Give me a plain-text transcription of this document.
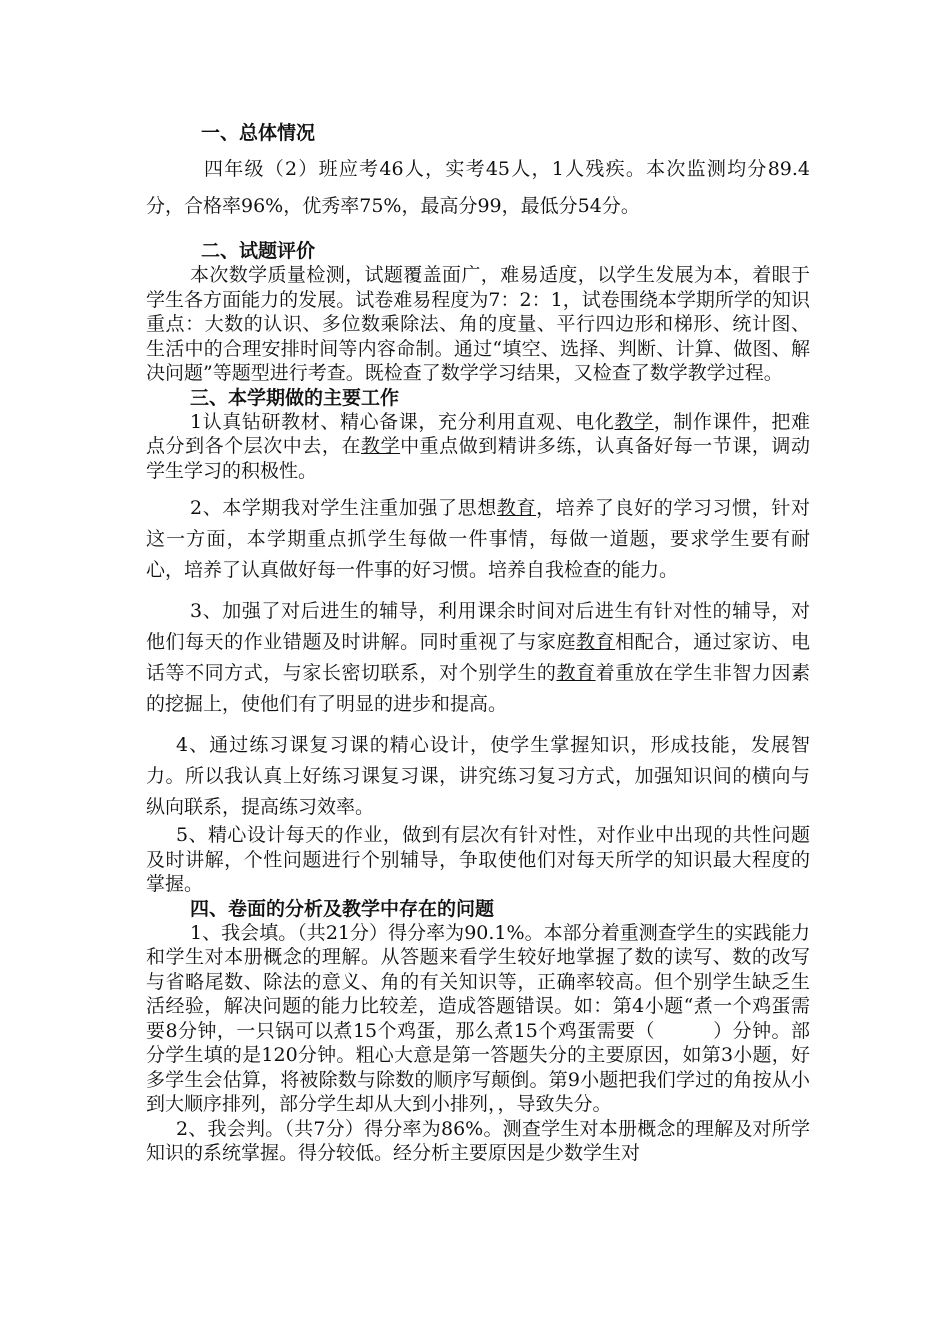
一、总体情况

四年级（2）班应考46人，实考45人，1人残疾。本次监测均分89.4分，合格率96%，优秀率75%，最高分99，最低分54分。

二、试题评价

本次数学质量检测，试题覆盖面广，难易适度，以学生发展为本，着眼于学生各方面能力的发展。试卷难易程度为7：2：1，试卷围绕本学期所学的知识重点：大数的认识、多位数乘除法、角的度量、平行四边形和梯形、统计图、生活中的合理安排时间等内容命制。通过“填空、选择、判断、计算、做图、解决问题”等题型进行考查。既检查了数学学习结果，又检查了数学教学过程。

三、本学期做的主要工作

1认真钻研教材、精心备课，充分利用直观、电化教学，制作课件，把难点分到各个层次中去，在教学中重点做到精讲多练，认真备好每一节课，调动学生学习的积极性。

2、本学期我对学生注重加强了思想教育，培养了良好的学习习惯，针对这一方面，本学期重点抓学生每做一件事情，每做一道题，要求学生要有耐心，培养了认真做好每一件事的好习惯。培养自我检查的能力。

3、加强了对后进生的辅导，利用课余时间对后进生有针对性的辅导，对他们每天的作业错题及时讲解。同时重视了与家庭教育相配合，通过家访、电话等不同方式，与家长密切联系，对个别学生的教育着重放在学生非智力因素的挖掘上，使他们有了明显的进步和提高。

4、通过练习课复习课的精心设计，使学生掌握知识，形成技能，发展智力。所以我认真上好练习课复习课，讲究练习复习方式，加强知识间的横向与纵向联系，提高练习效率。

5、精心设计每天的作业，做到有层次有针对性，对作业中出现的共性问题及时讲解，个性问题进行个别辅导，争取使他们对每天所学的知识最大程度的掌握。

四、卷面的分析及教学中存在的问题

1、我会填。（共21分）得分率为90.1%。本部分着重测查学生的实践能力和学生对本册概念的理解。从答题来看学生较好地掌握了数的读写、数的改写与省略尾数、除法的意义、角的有关知识等，正确率较高。但个别学生缺乏生活经验，解决问题的能力比较差，造成答题错误。如：第4小题“煮一个鸡蛋需要8分钟，一只锅可以煮15个鸡蛋，那么煮15个鸡蛋需要（　　　）分钟。部分学生填的是120分钟。粗心大意是第一答题失分的主要原因，如第3小题，好多学生会估算，将被除数与除数的顺序写颠倒。第9小题把我们学过的角按从小到大顺序排列，部分学生却从大到小排列，，导致失分。

2、我会判。（共7分）得分率为86%。测查学生对本册概念的理解及对所学知识的系统掌握。得分较低。经分析主要原因是少数学生对
